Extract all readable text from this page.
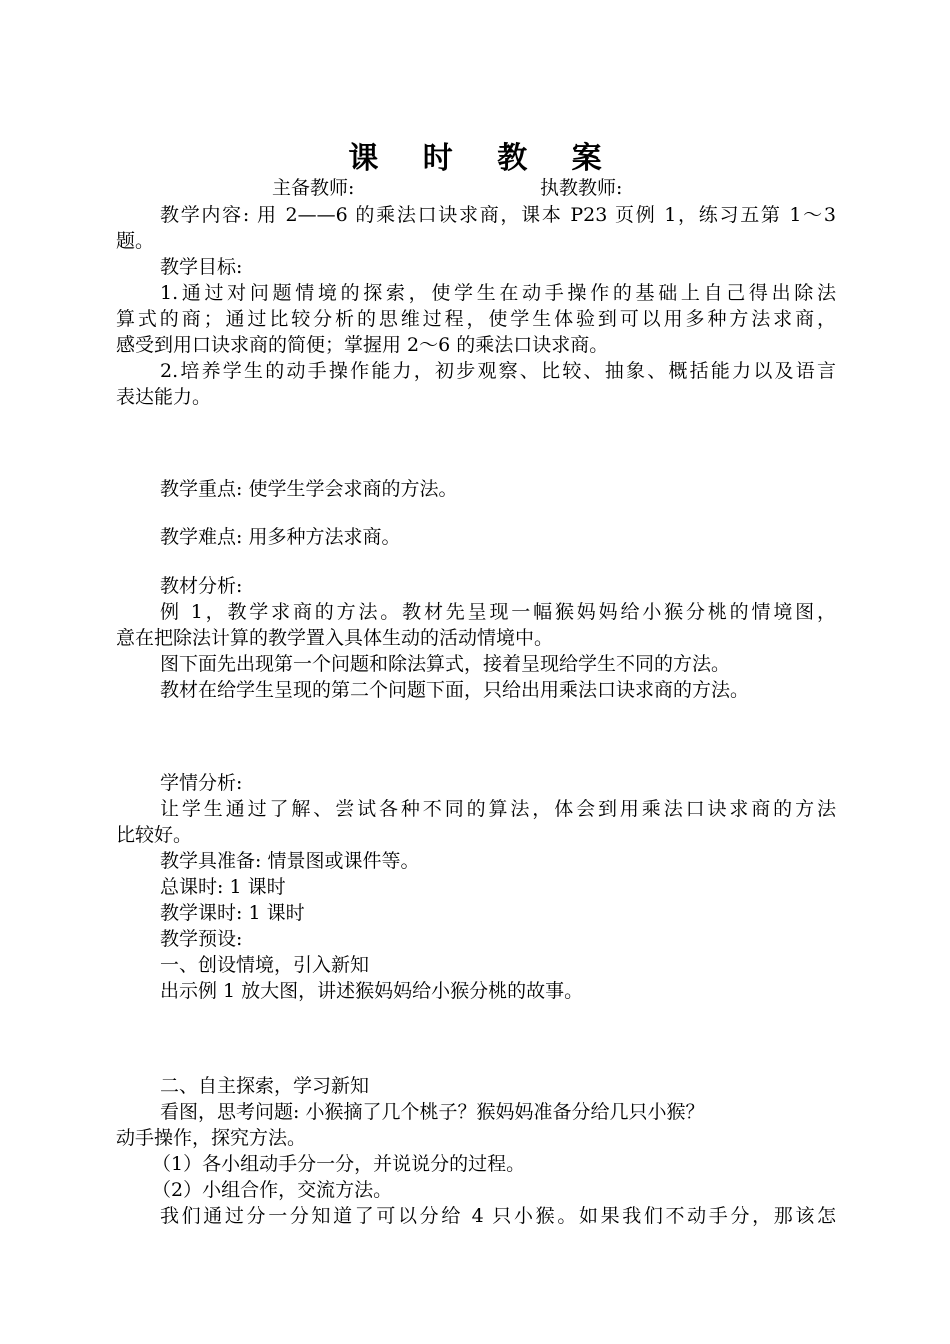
课 时 教 案
主备教师:	执教教师:
教学内容: 用 2——6 的乘法口诀求商，课本 P23 页例 1，练习五第 1～3
题。
教学目标:
1.通过对问题情境的探索，使学生在动手操作的基础上自己得出除法
算式的商；通过比较分析的思维过程，使学生体验到可以用多种方法求商，
感受到用口诀求商的简便；掌握用 2～6 的乘法口诀求商。
2.培养学生的动手操作能力，初步观察、比较、抽象、概括能力以及语言
表达能力。
教学重点: 使学生学会求商的方法。
教学难点: 用多种方法求商。
教材分析:
例 1，教学求商的方法。教材先呈现一幅猴妈妈给小猴分桃的情境图，
意在把除法计算的教学置入具体生动的活动情境中。
图下面先出现第一个问题和除法算式，接着呈现给学生不同的方法。
教材在给学生呈现的第二个问题下面，只给出用乘法口诀求商的方法。
学情分析:
让学生通过了解、尝试各种不同的算法，体会到用乘法口诀求商的方法
比较好。
教学具准备: 情景图或课件等。
总课时: 1 课时
教学课时: 1 课时
教学预设:
一、创设情境，引入新知
出示例 1 放大图，讲述猴妈妈给小猴分桃的故事。
二、自主探索，学习新知
看图，思考问题: 小猴摘了几个桃子？猴妈妈准备分给几只小猴？
动手操作，探究方法。
（1）各小组动手分一分，并说说分的过程。
（2）小组合作，交流方法。
我们通过分一分知道了可以分给 4 只小猴。如果我们不动手分，那该怎
